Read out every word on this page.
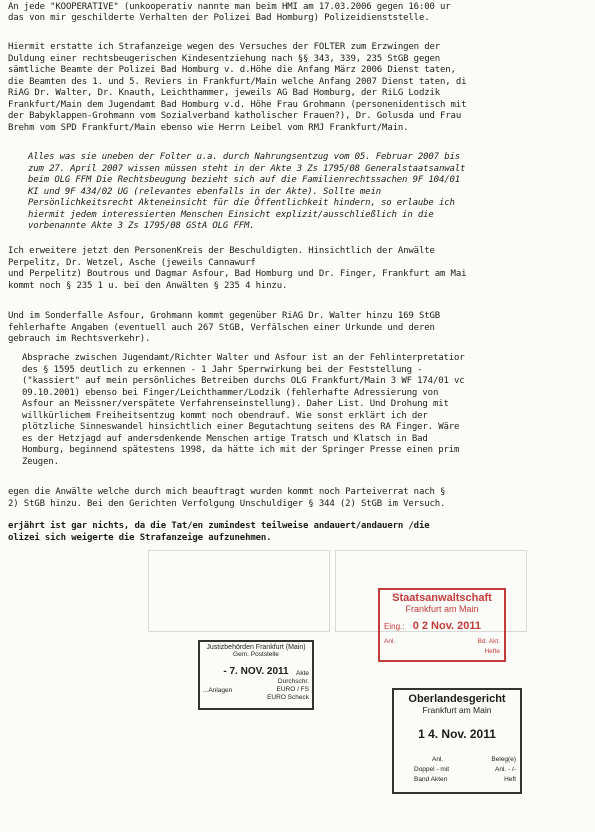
An jede "KOOPERATIVE" (unkooperativ nannte man beim HMI am 17.03.2006 gegen 16:00 ur
das von mir geschilderte Verhalten der Polizei Bad Homburg) Polizeidienststelle.
Hiermit erstatte ich Strafanzeige wegen des Versuches der FOLTER zum Erzwingen der
Duldung einer rechtsbeugerischen Kindesentziehung nach §§ 343, 339, 235 StGB gegen
sämtliche Beamte der Polizei Bad Homburg v. d.Höhe die Anfang März 2006 Dienst taten,
die Beamten des 1. und 5. Reviers in Frankfurt/Main welche Anfang 2007 Dienst taten, di
RiAG Dr. Walter, Dr. Knauth, Leichthammer, jeweils AG Bad Homburg, der RiLG Lodzik
Frankfurt/Main dem Jugendamt Bad Homburg v.d. Höhe Frau Grohmann (personenidentisch mit
der Babyklappen-Grohmann vom Sozialverband katholischer Frauen?), Dr. Golusda und Frau
Brehm vom SPD Frankfurt/Main ebenso wie Herrn Leibel vom RMJ Frankfurt/Main.
Alles was sie uneben der Folter u.a. durch Nahrungsentzug vom 05. Februar 2007 bis
zum 27. April 2007 wissen müssen steht in der Akte 3 Zs 1795/08 Generalstaatsanwalt
beim OLG FFM Die Rechtsbeugung bezieht sich auf die Familienrechtssachen 9F 104/01
KI und 9F 434/02 UG (relevantes ebenfalls in der Akte). Sollte mein
Persönlichkeitsrecht Akteneinsicht für die Öffentlichkeit hindern, so erlaube ich
hiermit jedem interessierten Menschen Einsicht explizit/ausschließlich in die
vorbenannte Akte 3 Zs 1795/08 GStA OLG FFM.
Ich erweitere jetzt den PersonenKreis der Beschuldigten. Hinsichtlich der Anwälte
Perpelitz, Dr. Wetzel, Asche (jeweils Cannawurf
und Perpelitz) Boutrous und Dagmar Asfour, Bad Homburg und Dr. Finger, Frankfurt am Mai
kommt noch § 235 1 u. bei den Anwälten § 235 4 hinzu.
Und im Sonderfalle Asfour, Grohmann kommt gegenüber RiAG Dr. Walter hinzu 169 StGB
fehlerhafte Angaben (eventuell auch 267 StGB, Verfälschen einer Urkunde und deren
gebrauch im Rechtsverkehr).
Absprache zwischen Jugendamt/Richter Walter und Asfour ist an der Fehlinterpretatior
des § 1595 deutlich zu erkennen - 1 Jahr Sperrwirkung bei der Feststellung -
("kassiert" auf mein persönliches Betreiben durchs OLG Frankfurt/Main 3 WF 174/01 vc
09.10.2001) ebenso bei Finger/Leichthammer/Lodzik (fehlerhafte Adressierung von
Asfour an Meissner/verspätete Verfahrenseinstellung). Daher List. Und Drohung mit
willkürlichem Freiheitsentzug kommt noch obendrauf. Wie sonst erklärt ich der
plötzliche Sinneswandel hinsichtlich einer Begutachtung seitens des RA Finger. Wäre
es der Hetzjagd auf andersdenkende Menschen artige Tratsch und Klatsch in Bad
Homburg, beginnend spätestens 1998, da hätte ich mit der Springer Presse einen prim
Zeugen.
egen die Anwälte welche durch mich beauftragt wurden kommt noch Parteiverrat nach §
2) StGB hinzu. Bei den Gerichten Verfolgung Unschuldiger § 344 (2) StGB im Versuch.
erjährt ist gar nichts, da die Tat/en zumindest teilweise andauert/andauern /die
olizei sich weigerte die Strafanzeige aufzunehmen.
Justizbehörden Frankfurt (Main)
Gem. Poststelle
- 7. NOV. 2011	Akte
Durchschr.
EURO / FS
EURO Scheck
...Anlagen
Staatsanwaltschaft
Frankfurt am Main
Eing.: 0 2 Nov. 2011
Anl.	Bd. Akt.
Hefte
Oberlandesgericht
Frankfurt am Main
1 4. Nov. 2011
Anl.	Beleg(e)
Doppel - mit	Anl. - /-
Band Akten	Heft
